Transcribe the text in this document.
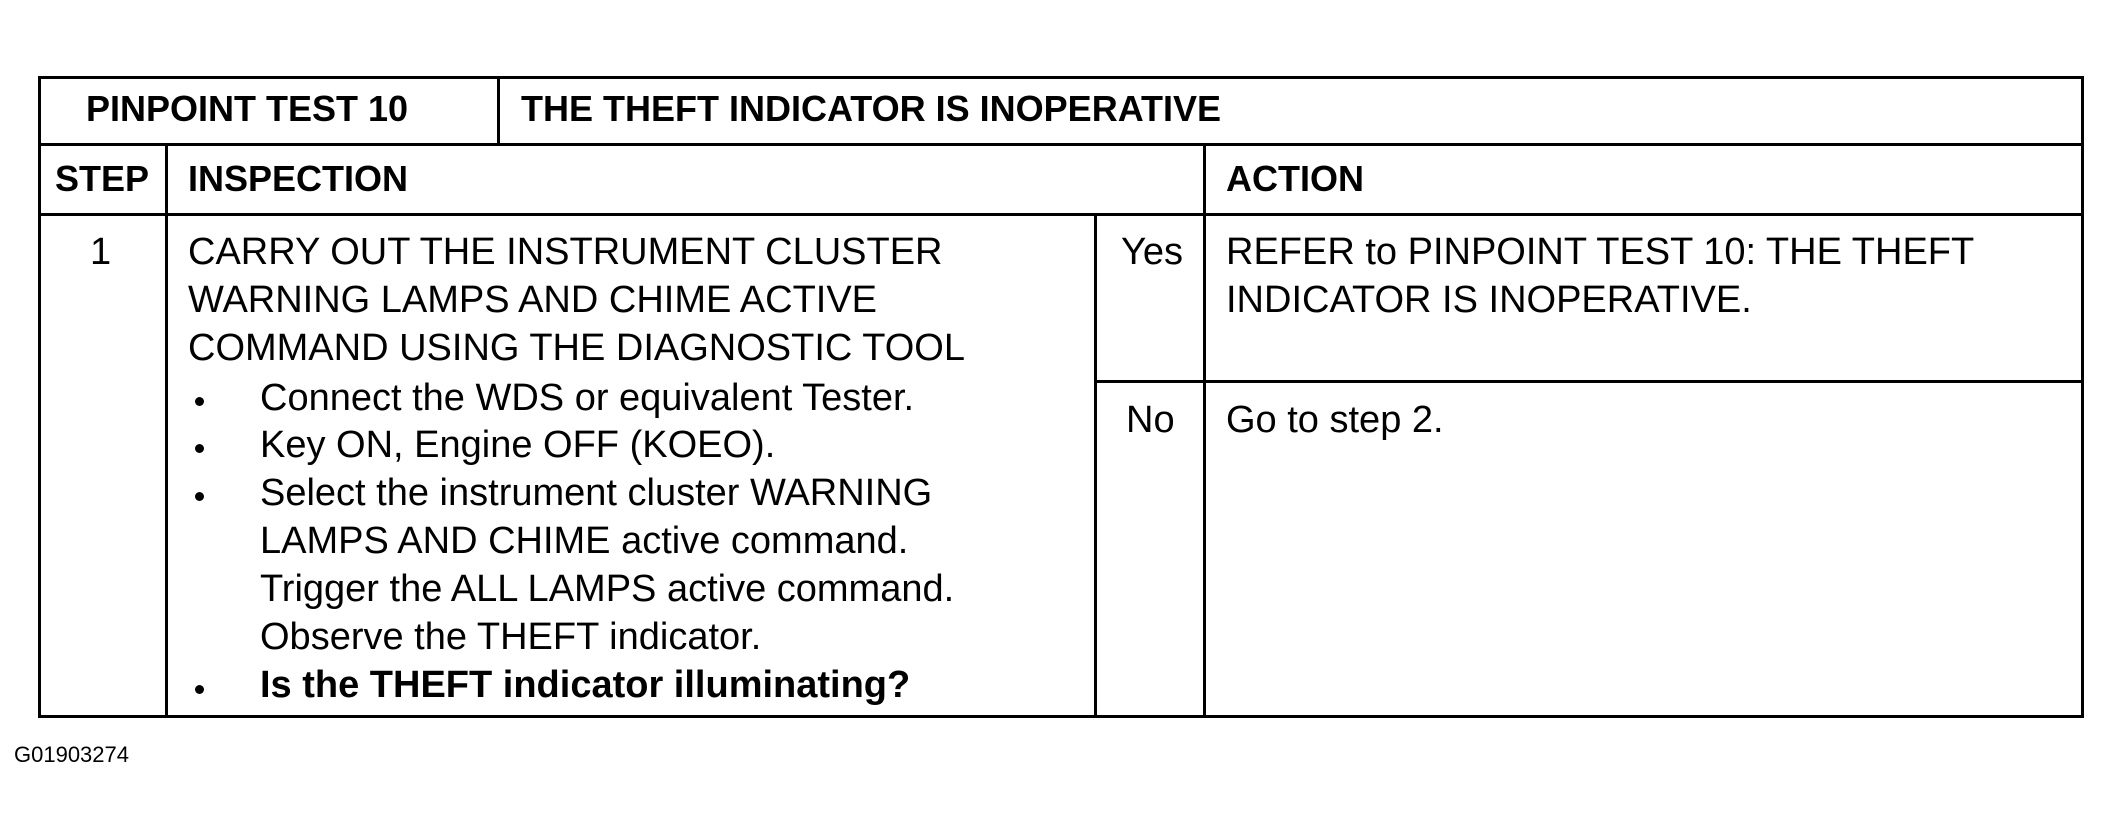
PINPOINT TEST 10	THE THEFT INDICATOR IS INOPERATIVE
STEP INSPECTION	ACTION
1 CARRY OUT THE INSTRUMENT CLUSTER
WARNING LAMPS AND CHIME ACTIVE
COMMAND USING THE DIAGNOSTIC TOOL
Connect the WDS or equivalent Tester.
Key ON, Engine OFF (KOEO).
Select the instrument cluster WARNING
LAMPS AND CHIME active command.
Trigger the ALL LAMPS active command.
Observe the THEFT indicator.
Is the THEFT indicator illuminating?
Yes
No
REFER to PINPOINT TEST 10: THE THEFT
INDICATOR IS INOPERATIVE.
Go to step 2.
G01903274
